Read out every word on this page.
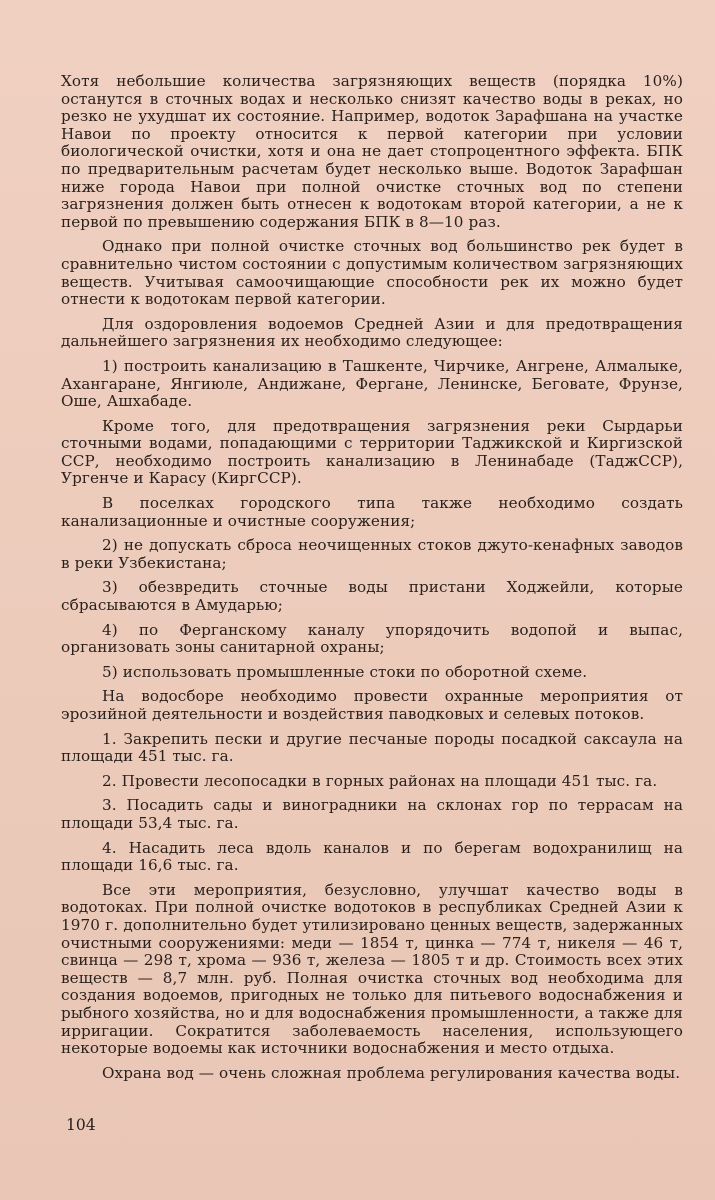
Хотя небольшие количества загрязняющих веществ (порядка 10%) останутся в сточных водах и несколько снизят качество воды в реках, но резко не ухудшат их состояние. Например, водоток Зарафшана на участке Навои по проекту относится к первой категории при условии биологической очистки, хотя и она не дает стопроцентного эффекта. БПК по предварительным расчетам будет несколько выше. Водоток Зарафшан ниже города Навои при полной очистке сточных вод по степени загрязнения должен быть отнесен к водотокам второй категории, а не к первой по превышению содержания БПК в 8—10 раз.

Однако при полной очистке сточных вод большинство рек будет в сравнительно чистом состоянии с допустимым количеством загрязняющих веществ. Учитывая самоочищающие способности рек их можно будет отнести к водотокам первой категории.

Для оздоровления водоемов Средней Азии и для предотвращения дальнейшего загрязнения их необходимо следующее:

1) построить канализацию в Ташкенте, Чирчике, Ангрене, Алмалыке, Ахангаране, Янгиюле, Андижане, Фергане, Ленинске, Беговате, Фрунзе, Оше, Ашхабаде.

Кроме того, для предотвращения загрязнения реки Сырдарьи сточными водами, попадающими с территории Таджикской и Киргизской ССР, необходимо построить канализацию в Ленинабаде (ТаджССР), Ургенче и Карасу (КиргССР).

В поселках городского типа также необходимо создать канализационные и очистные сооружения;

2) не допускать сброса неочищенных стоков джуто-кенафных заводов в реки Узбекистана;

3) обезвредить сточные воды пристани Ходжейли, которые сбрасываются в Амударью;

4) по Ферганскому каналу упорядочить водопой и выпас, организовать зоны санитарной охраны;

5) использовать промышленные стоки по оборотной схеме.

На водосборе необходимо провести охранные мероприятия от эрозийной деятельности и воздействия паводковых и селевых потоков.

1. Закрепить пески и другие песчаные породы посадкой саксаула на площади 451 тыс. га.

2. Провести лесопосадки в горных районах на площади 451 тыс. га.

3. Посадить сады и виноградники на склонах гор по террасам на площади 53,4 тыс. га.

4. Насадить леса вдоль каналов и по берегам водохранилищ на площади 16,6 тыс. га.

Все эти мероприятия, безусловно, улучшат качество воды в водотоках. При полной очистке водотоков в республиках Средней Азии к 1970 г. дополнительно будет утилизировано ценных веществ, задержанных очистными сооружениями: меди — 1854 т, цинка — 774 т, никеля — 46 т, свинца — 298 т, хрома — 936 т, железа — 1805 т и др. Стоимость всех этих веществ — 8,7 млн. руб. Полная очистка сточных вод необходима для создания водоемов, пригодных не только для питьевого водоснабжения и рыбного хозяйства, но и для водоснабжения промышленности, а также для ирригации. Сократится заболеваемость населения, использующего некоторые водоемы как источники водоснабжения и место отдыха.

Охрана вод — очень сложная проблема регулирования качества воды.

104
